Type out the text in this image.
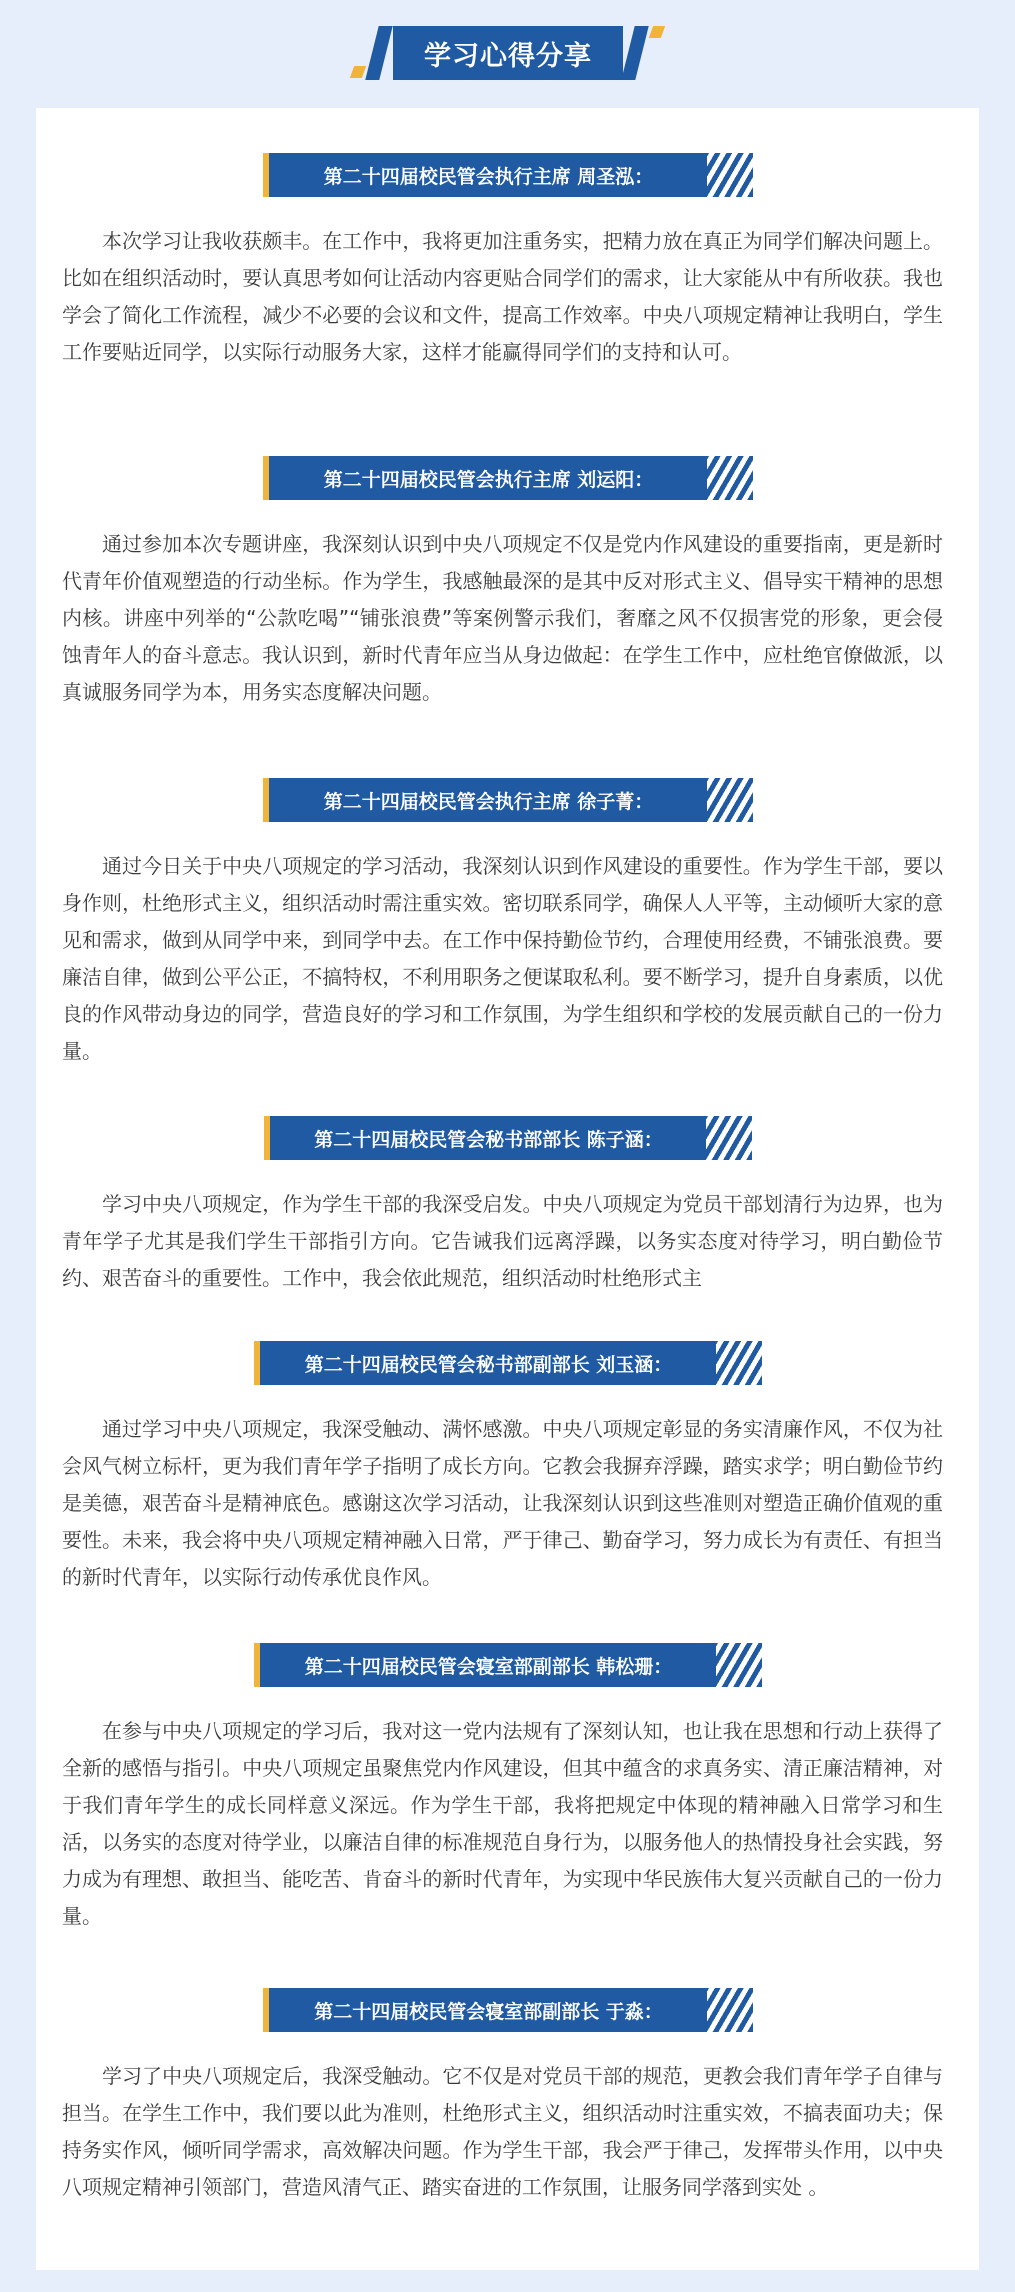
学习心得分享
第二十四届校民管会执行主席 周圣泓：
本次学习让我收获颇丰。在工作中，我将更加注重务实，把精力放在真正为同学们解决问题上。比如在组织活动时，要认真思考如何让活动内容更贴合同学们的需求，让大家能从中有所收获。我也学会了简化工作流程，减少不必要的会议和文件，提高工作效率。中央八项规定精神让我明白，学生工作要贴近同学，以实际行动服务大家，这样才能赢得同学们的支持和认可。
第二十四届校民管会执行主席 刘运阳：
通过参加本次专题讲座，我深刻认识到中央八项规定不仅是党内作风建设的重要指南，更是新时代青年价值观塑造的行动坐标。作为学生，我感触最深的是其中反对形式主义、倡导实干精神的思想内核。讲座中列举的“公款吃喝”“铺张浪费”等案例警示我们，奢靡之风不仅损害党的形象，更会侵蚀青年人的奋斗意志。我认识到，新时代青年应当从身边做起：在学生工作中，应杜绝官僚做派，以真诚服务同学为本，用务实态度解决问题。
第二十四届校民管会执行主席 徐子菁：
通过今日关于中央八项规定的学习活动，我深刻认识到作风建设的重要性。作为学生干部，要以身作则，杜绝形式主义，组织活动时需注重实效。密切联系同学，确保人人平等，主动倾听大家的意见和需求，做到从同学中来，到同学中去。在工作中保持勤俭节约，合理使用经费，不铺张浪费。要廉洁自律，做到公平公正，不搞特权，不利用职务之便谋取私利。要不断学习，提升自身素质，以优良的作风带动身边的同学，营造良好的学习和工作氛围，为学生组织和学校的发展贡献自己的一份力量。
第二十四届校民管会秘书部部长 陈子涵：
学习中央八项规定，作为学生干部的我深受启发。中央八项规定为党员干部划清行为边界，也为青年学子尤其是我们学生干部指引方向。它告诫我们远离浮躁，以务实态度对待学习，明白勤俭节约、艰苦奋斗的重要性。工作中，我会依此规范，组织活动时杜绝形式主
第二十四届校民管会秘书部副部长 刘玉涵：
通过学习中央八项规定，我深受触动、满怀感激。中央八项规定彰显的务实清廉作风，不仅为社会风气树立标杆，更为我们青年学子指明了成长方向。它教会我摒弃浮躁，踏实求学；明白勤俭节约是美德，艰苦奋斗是精神底色。感谢这次学习活动，让我深刻认识到这些准则对塑造正确价值观的重要性。未来，我会将中央八项规定精神融入日常，严于律己、勤奋学习，努力成长为有责任、有担当的新时代青年，以实际行动传承优良作风。
第二十四届校民管会寝室部副部长 韩松珊：
在参与中央八项规定的学习后，我对这一党内法规有了深刻认知，也让我在思想和行动上获得了全新的感悟与指引。中央八项规定虽聚焦党内作风建设，但其中蕴含的求真务实、清正廉洁精神，对于我们青年学生的成长同样意义深远。作为学生干部，我将把规定中体现的精神融入日常学习和生活，以务实的态度对待学业，以廉洁自律的标准规范自身行为，以服务他人的热情投身社会实践，努力成为有理想、敢担当、能吃苦、肯奋斗的新时代青年，为实现中华民族伟大复兴贡献自己的一份力量。
第二十四届校民管会寝室部副部长 于淼：
学习了中央八项规定后，我深受触动。它不仅是对党员干部的规范，更教会我们青年学子自律与担当。在学生工作中，我们要以此为准则，杜绝形式主义，组织活动时注重实效，不搞表面功夫；保持务实作风，倾听同学需求，高效解决问题。作为学生干部，我会严于律己，发挥带头作用，以中央八项规定精神引领部门，营造风清气正、踏实奋进的工作氛围，让服务同学落到实处 。
